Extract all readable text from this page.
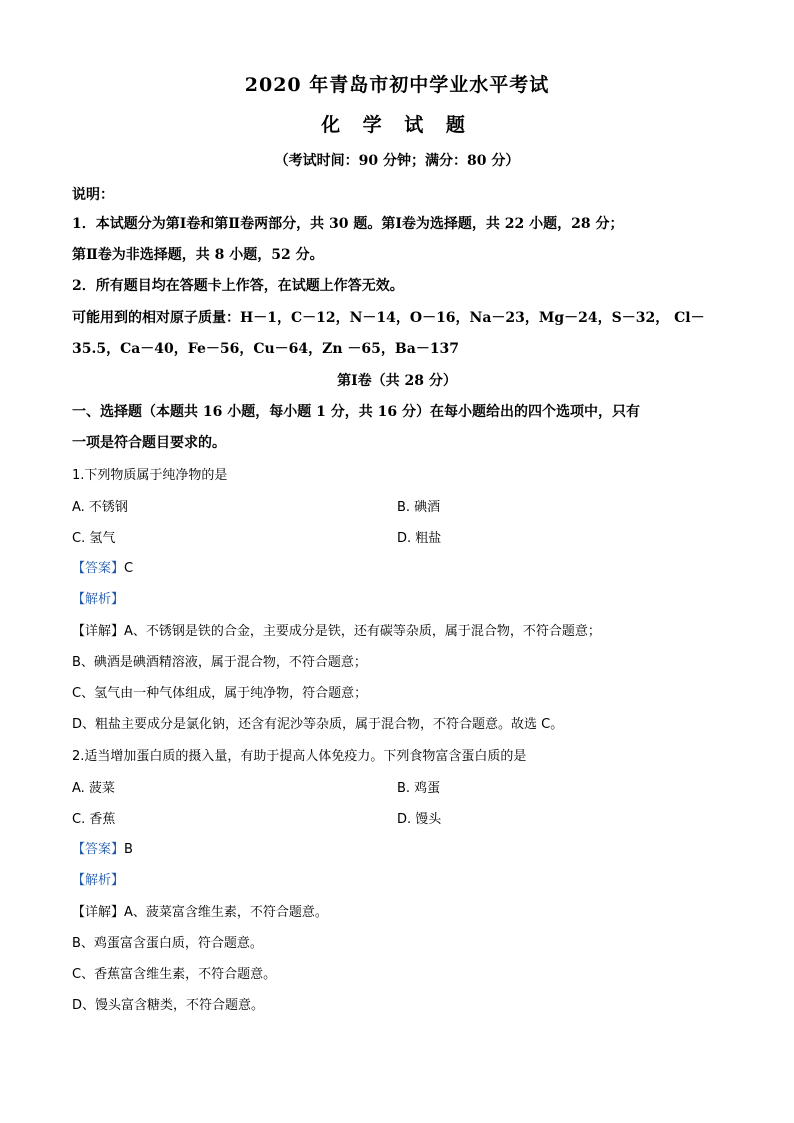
2020 年青岛市初中学业水平考试
化 学 试 题
（考试时间：90 分钟；满分：80 分）
说明：
1．本试题分为第Ⅰ卷和第Ⅱ卷两部分，共 30 题。第Ⅰ卷为选择题，共 22 小题，28 分；
第Ⅱ卷为非选择题，共 8 小题，52 分。
2．所有题目均在答题卡上作答，在试题上作答无效。
可能用到的相对原子质量：H－1，C－12，N－14，O－16，Na－23，Mg－24，S－32， Cl－
35.5，Ca－40，Fe－56，Cu－64，Zn －65，Ba－137
第Ⅰ卷（共 28 分）
一、选择题（本题共 16 小题，每小题 1 分，共 16 分）在每小题给出的四个选项中，只有
一项是符合题目要求的。
1.下列物质属于纯净物的是
A. 不锈钢	B. 碘酒
C. 氢气	D. 粗盐
【答案】C
【解析】
【详解】A、不锈钢是铁的合金，主要成分是铁，还有碳等杂质，属于混合物，不符合题意；
B、碘酒是碘酒精溶液，属于混合物，不符合题意；
C、氢气由一种气体组成，属于纯净物，符合题意；
D、粗盐主要成分是氯化钠，还含有泥沙等杂质，属于混合物，不符合题意。故选 C。
2.适当增加蛋白质的摄入量，有助于提高人体免疫力。下列食物富含蛋白质的是
A. 菠菜	B. 鸡蛋
C. 香蕉	D. 馒头
【答案】B
【解析】
【详解】A、菠菜富含维生素，不符合题意。
B、鸡蛋富含蛋白质，符合题意。
C、香蕉富含维生素，不符合题意。
D、馒头富含糖类，不符合题意。
